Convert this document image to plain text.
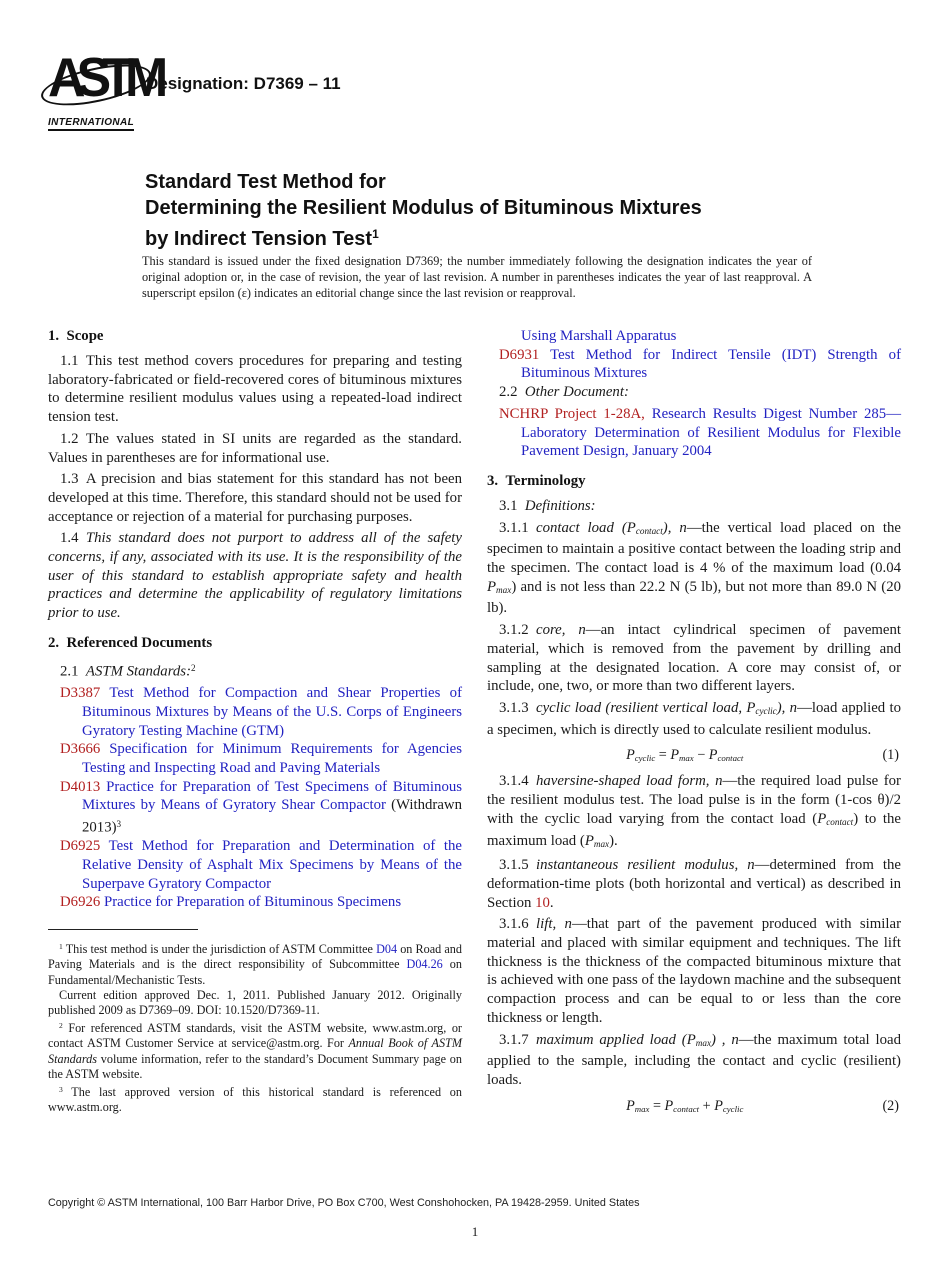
ASTM
INTERNATIONAL
Designation: D7369 – 11
Standard Test Method for
Determining the Resilient Modulus of Bituminous Mixtures
by Indirect Tension Test$^1$

This standard is issued under the fixed designation D7369; the number immediately following the designation indicates the year of original adoption or, in the case of revision, the year of last revision. A number in parentheses indicates the year of last reapproval. A superscript epsilon (ε) indicates an editorial change since the last revision or reapproval.

1. Scope

1.1 This test method covers procedures for preparing and testing laboratory-fabricated or field-recovered cores of bituminous mixtures to determine resilient modulus values using a repeated-load indirect tension test.

1.2 The values stated in SI units are regarded as the standard. Values in parentheses are for informational use.

1.3 A precision and bias statement for this standard has not been developed at this time. Therefore, this standard should not be used for acceptance or rejection of a material for purchasing purposes.

1.4 This standard does not purport to address all of the safety concerns, if any, associated with its use. It is the responsibility of the user of this standard to establish appropriate safety and health practices and determine the applicability of regulatory limitations prior to use.

2. Referenced Documents

2.1 ASTM Standards:$^2$

D3387 Test Method for Compaction and Shear Properties of Bituminous Mixtures by Means of the U.S. Corps of Engineers Gyratory Testing Machine (GTM)

D3666 Specification for Minimum Requirements for Agencies Testing and Inspecting Road and Paving Materials

D4013 Practice for Preparation of Test Specimens of Bituminous Mixtures by Means of Gyratory Shear Compactor (Withdrawn 2013)$^3$

D6925 Test Method for Preparation and Determination of the Relative Density of Asphalt Mix Specimens by Means of the Superpave Gyratory Compactor

D6926 Practice for Preparation of Bituminous Specimens

$^1$ This test method is under the jurisdiction of ASTM Committee D04 on Road and Paving Materials and is the direct responsibility of Subcommittee D04.26 on Fundamental/Mechanistic Tests.

Current edition approved Dec. 1, 2011. Published January 2012. Originally published 2009 as D7369–09. DOI: 10.1520/D7369-11.

$^2$ For referenced ASTM standards, visit the ASTM website, www.astm.org, or contact ASTM Customer Service at service@astm.org. For Annual Book of ASTM Standards volume information, refer to the standard’s Document Summary page on the ASTM website.

$^3$ The last approved version of this historical standard is referenced on www.astm.org.

Using Marshall Apparatus

D6931 Test Method for Indirect Tensile (IDT) Strength of Bituminous Mixtures

2.2 Other Document:

NCHRP Project 1-28A, Research Results Digest Number 285—Laboratory Determination of Resilient Modulus for Flexible Pavement Design, January 2004

3. Terminology

3.1 Definitions:

3.1.1 contact load (Pcontact), n—the vertical load placed on the specimen to maintain a positive contact between the loading strip and the specimen. The contact load is 4 % of the maximum load (0.04 Pmax) and is not less than 22.2 N (5 lb), but not more than 89.0 N (20 lb).

3.1.2 core, n—an intact cylindrical specimen of pavement material, which is removed from the pavement by drilling and sampling at the designated location. A core may consist of, or include, one, two, or more than two different layers.

3.1.3 cyclic load (resilient vertical load, Pcyclic), n—load applied to a specimen, which is directly used to calculate resilient modulus.

Pcyclic = Pmax − Pcontact	(1)

3.1.4 haversine-shaped load form, n—the required load pulse for the resilient modulus test. The load pulse is in the form (1-cos θ)/2 with the cyclic load varying from the contact load (Pcontact) to the maximum load (Pmax).

3.1.5 instantaneous resilient modulus, n—determined from the deformation-time plots (both horizontal and vertical) as described in Section 10.

3.1.6 lift, n—that part of the pavement produced with similar material and placed with similar equipment and techniques. The lift thickness is the thickness of the compacted bituminous mixture that is achieved with one pass of the laydown machine and the subsequent compaction process and can be equal to or less than the core thickness or length.

3.1.7 maximum applied load (Pmax) , n—the maximum total load applied to the sample, including the contact and cyclic (resilient) loads.

Pmax = Pcontact + Pcyclic	(2)

Copyright © ASTM International, 100 Barr Harbor Drive, PO Box C700, West Conshohocken, PA 19428-2959. United States

1
